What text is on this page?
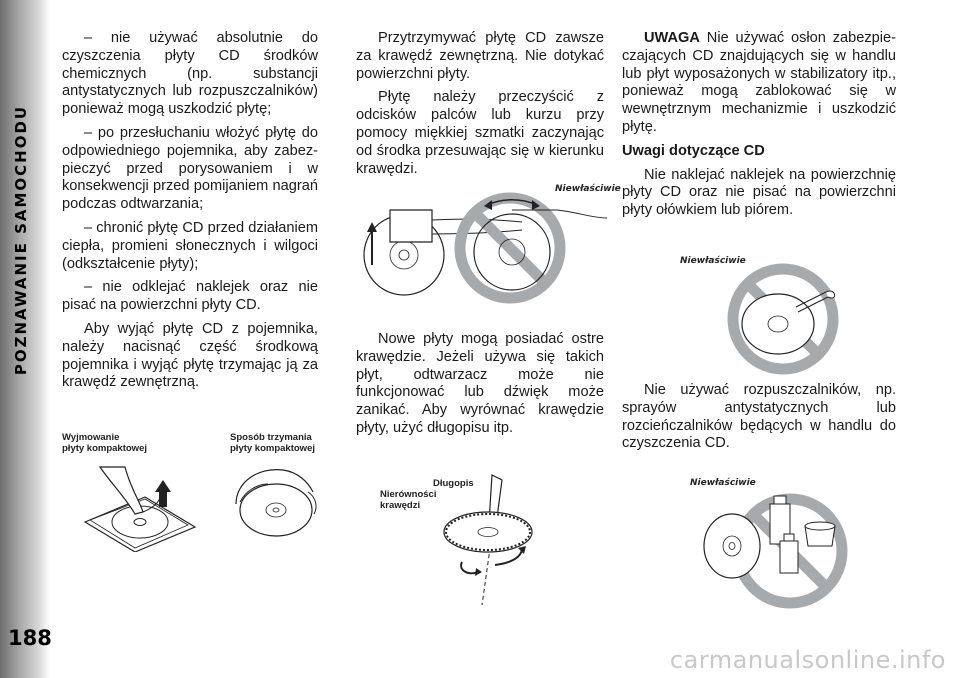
POZNAWANIE SAMOCHODU
188

– nie używać absolutnie do czyszczenia płyty CD środków chemicznych (np. substancji antystatycznych lub rozpuszczalników) ponieważ mogą uszkodzić płytę;

– po przesłuchaniu włożyć płytę do odpowiedniego pojemnika, aby zabezpieczyć przed porysowaniem i w konsekwencji przed pomijaniem nagrań podczas odtwarzania;

– chronić płytę CD przed działaniem ciepła, promieni słonecznych i wilgoci (odkształcenie płyty);

– nie odklejać naklejek oraz nie pisać na powierzchni płyty CD.

Aby wyjąć płytę CD z pojemnika, należy nacisnąć część środkową pojemnika i wyjąć płytę trzymając ją za krawędź zewnętrzną.

Wyjmowanie
płyty kompaktowej
Sposób trzymania
płyty kompaktowej

Przytrzymywać płytę CD zawsze za krawędź zewnętrzną. Nie dotykać powierzchni płyty.

Płytę należy przeczyścić z odcisków palców lub kurzu przy pomocy miękkiej szmatki zaczynając od środka przesuwając się w kierunku krawędzi.

Niewłaściwie

Nowe płyty mogą posiadać ostre krawędzie. Jeżeli używa się takich płyt, odtwarzacz może nie funkcjonować lub dźwięk może zanikać. Aby wyrównać krawędzie płyty, użyć długopisu itp.

Długopis
Nierówności
krawędzi

UWAGA Nie używać osłon zabezpieczających CD znajdujących się w handlu lub płyt wyposażonych w stabilizatory itp., ponieważ mogą zablokować się w wewnętrznym mechanizmie i uszkodzić płytę.

Uwagi dotyczące CD

Nie naklejać naklejek na powierzchnię płyty CD oraz nie pisać na powierzchni płyty ołówkiem lub piórem.

Niewłaściwie

Nie używać rozpuszczalników, np. sprayów antystatycznych lub rozcieńczalników będących w handlu do czyszczenia CD.

Niewłaściwie
carmanualsonline.info
